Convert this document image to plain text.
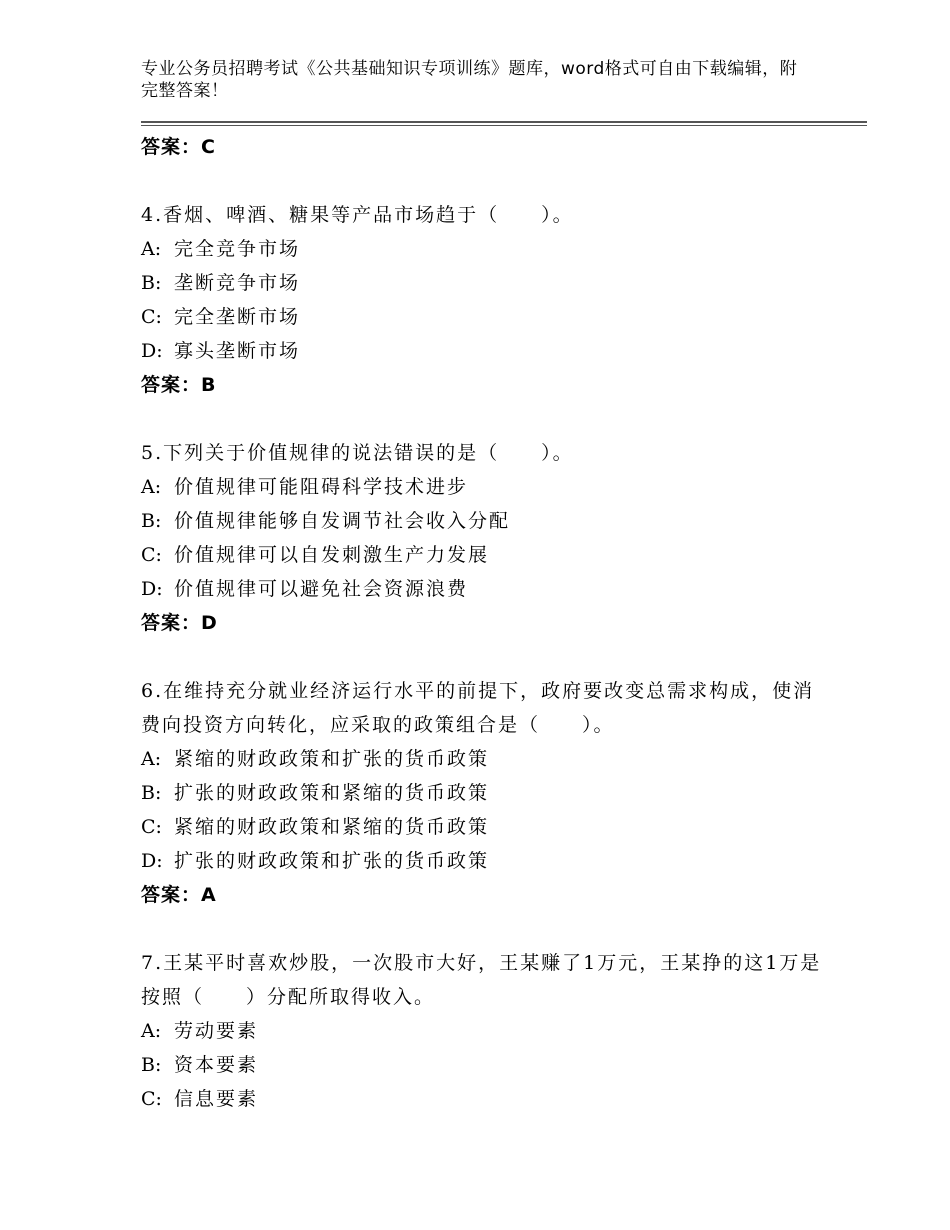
专业公务员招聘考试《公共基础知识专项训练》题库，word格式可自由下载编辑，附完整答案！
答案：C
4.香烟、啤酒、糖果等产品市场趋于（　　）。
A: 完全竞争市场
B: 垄断竞争市场
C: 完全垄断市场
D: 寡头垄断市场
答案：B
5.下列关于价值规律的说法错误的是（　　）。
A: 价值规律可能阻碍科学技术进步
B: 价值规律能够自发调节社会收入分配
C: 价值规律可以自发刺激生产力发展
D: 价值规律可以避免社会资源浪费
答案：D
6.在维持充分就业经济运行水平的前提下，政府要改变总需求构成，使消费向投资方向转化，应采取的政策组合是（　　）。
A: 紧缩的财政政策和扩张的货币政策
B: 扩张的财政政策和紧缩的货币政策
C: 紧缩的财政政策和紧缩的货币政策
D: 扩张的财政政策和扩张的货币政策
答案：A
7.王某平时喜欢炒股，一次股市大好，王某赚了1万元，王某挣的这1万是按照（　　）分配所取得收入。
A: 劳动要素
B: 资本要素
C: 信息要素
